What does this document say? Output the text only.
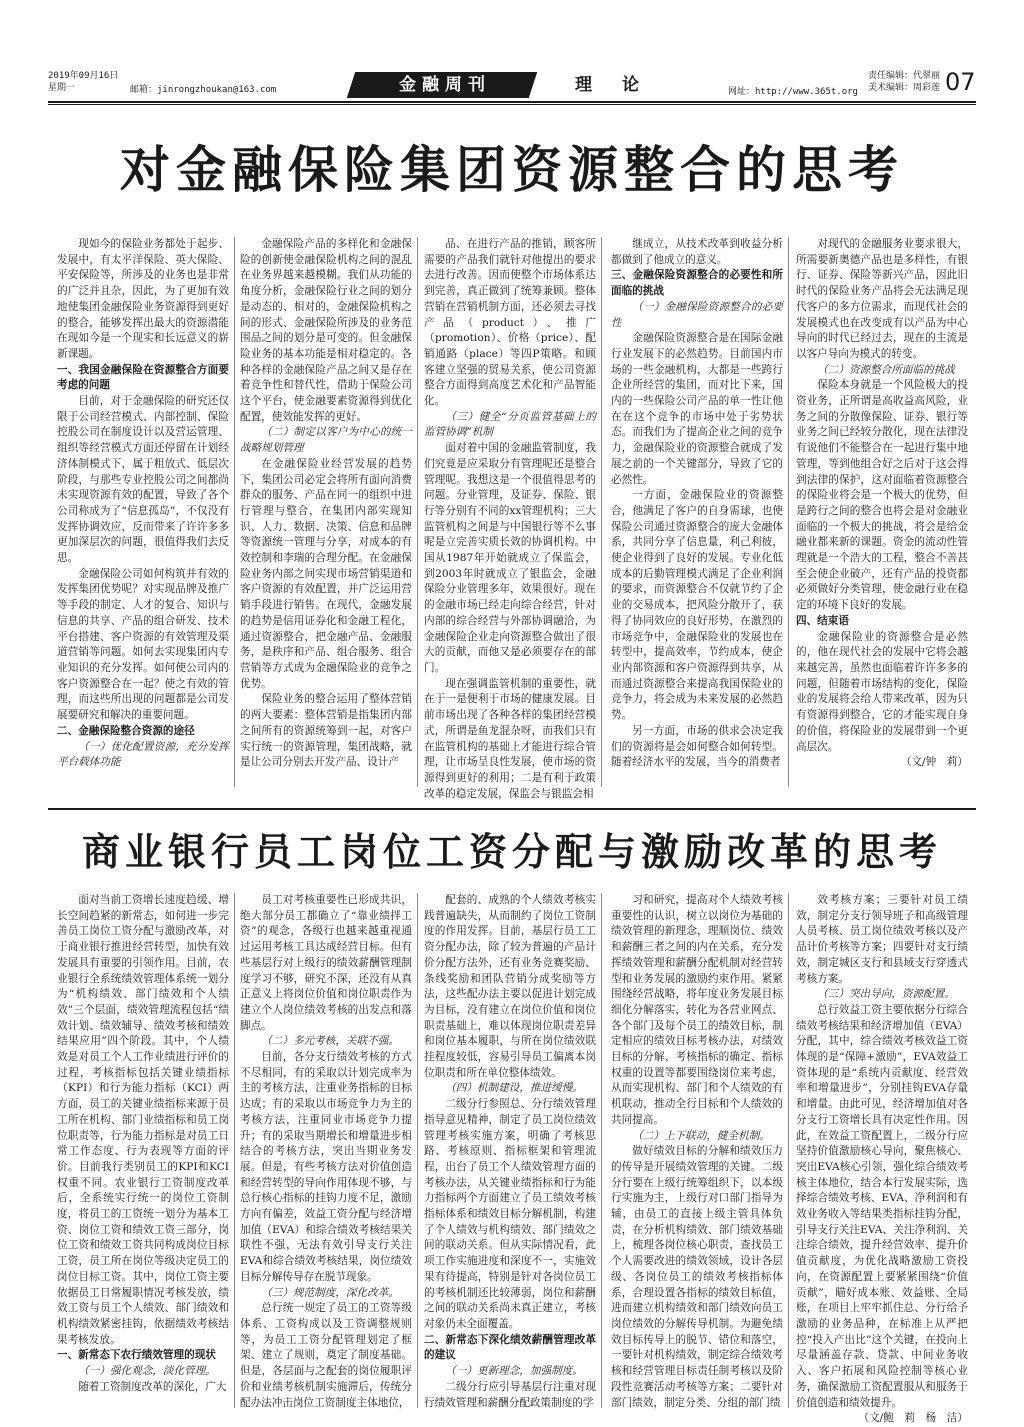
2019年09月16日
星期一	邮箱：jinrongzhoukan@163.com	金融周刊	理 论	网址：http://www.365t.org
责任编辑：代翠丽
美术编辑：周彩莲 07
对金融保险集团资源整合的思考

现如今的保险业务都处于起步、发展中，有太平洋保险、英大保险、平安保险等，所涉及的业务也是非常的广泛并且杂，因此，为了更加有效地使集团金融保险业务资源得到更好的整合，能够发挥出最大的资源潜能在现如今是一个现实和长远意义的崭新课题。

一、我国金融保险在资源整合方面要考虑的问题

目前，对于金融保险的研究还仅限于公司经营模式、内部控制、保险控股公司在制度设计以及营运管理、组织等经营模式方面还停留在计划经济体制模式下，属于粗放式、低层次阶段，与那些专业控股公司之间都尚未实现资源有效的配置，导致了各个公司称成为了“信息孤岛”，不仅没有发挥协调效应，反而带来了许许多多更加深层次的问题，很值得我们去反思。

金融保险公司如何构筑并有效的发挥集团优势呢？对实现品牌及推广等手段的制定、人才的复合、知识与信息的共享、产品的组合研发、技术平台搭建、客户资源的有效管理及渠道营销等问题。如何去实现集团内专业知识的充分发挥。如何使公司内的客户资源整合在一起？使之有效的管理，而这些所出现的问题都是公司发展要研究和解决的重要问题。

二、金融保险整合资源的途径

（一）优化配置资源，充分发挥平台载体功能

金融保险产品的多样化和金融保险的创新使金融保险机构之间的混乱在业务界越来越模糊。我们从功能的角度分析，金融保险行业之间的划分是动态的、相对的，金融保险机构之间的形式、金融保险所涉及的业务范围品之间的划分是可变的。但金融保险业务的基本功能是相对稳定的。各种各样的金融保险产品之间又是存在着竞争性和替代性，借助于保险公司这个平台，使金融要素资源得到优化配置，使效能发挥的更好。

（二）制定以客户为中心的统一战略规划管理

在金融保险业经营发展的趋势下，集团公司必定会将所有面向消费群众的服务、产品在同一的组织中进行管理与整合，在集团内部实现知识、人力、数据、决策、信息和品牌等资源统一管理与分享，对成本的有效控制和李瑞的合理分配。在金融保险业务内部之间实现市场营销渠道和客户资源的有效配置，并广泛运用营销手段进行销售。在现代，金融发展的趋势是信用证券化和金融工程化，通过资源整合，把金融产品、金融服务，是秩序和产品、组合服务、组合营销等方式成为金融保险业的竞争之优势。

保险业务的整合运用了整体营销的两大要素：整体营销是指集团内部之间所有的资源统筹到一起，对客户实行统一的资源管理，集团战略，就是让公司分别去开发产品、设计产

品、在进行产品的推销，顾客所需要的产品我们就针对他提出的要求去进行改善。因而使整个市场体系达到完善，真正做到了统筹兼顾。整体营销在营销机制方面，还必须去寻找产品（product）、推广（promotion）、价格（price）、配销通路（place）等四P策略。和顾客建立坚强的贸易关系，使公司资源整合方面得到高度艺术化和产品智能化。

（三）健全“分页监管基础上的监管协调”机制

面对着中国的金融监管制度，我们究竟是应采取分有管理呢还是整合管理呢。我想这是一个很值得思考的问题。分业管理，及证券、保险、银行等分别有不同的xx管理机构；三大监管机构之间是与中国银行等不么事呢是立完善实质长效的协调机构。中国从1987年开始就成立了保监会，到2003年时就成立了银监会，金融保险分业管理多年，效果很好。现在的金融市场已经走向综合经营，针对内部的综合经营与外部协调融洽，为金融保险企业走向资源整合做出了很大的贡献，而他又是必须要存在的部门。

现在强调监管机制的重要性，就在于一是便利于市场的健康发展。目前市场出现了各种各样的集团经营模式，所谓是鱼龙混杂呀，而我们只有在监管机构的基础上才能进行综合管理，让市场呈良性发展，使市场的资源得到更好的利用；二是有利于政策改革的稳定发展，保监会与银监会相

继成立，从技术改革到收益分析都做到了他成立的意义。

三、金融保险资源整合的必要性和所面临的挑战

（一）金融保险资源整合的必要性

金融保险资源整合是在国际金融行业发展下的必然趋势。目前国内市场的一些金融机构，大都是一些跨行企业所经营的集团，而对比下来，国内的一些保险公司产品的单一性让他在在这个竞争的市场中处于劣势状态。而我们为了提高企业之间的竞争力，金融保险业的资源整合就成了发展之前的一个关键部分，导致了它的必然性。

一方面，金融保险业的资源整合，他满足了客户的自身需球，也使保险公司通过资源整合的庞大金融体系，共同分享了信息量，利己利彼，使企业得到了良好的发展。专业化低成本的后勤管理模式满足了企业利润的要求，而资源整合不仅就节约了企业的交易成本，把风险分散开了，获得了协同效应的良好形势，在激烈的市场竞争中，金融保险业的发展也在转型中，提高效率，节约成本，使企业内部资源和客户资源得到共享，从而通过资源整合来提高我国保险业的竞争力，将会成为未来发展的必然趋势。

另一方面，市场的供求会决定我们的资源将是会如何整合如何转型。随着经济水平的发展，当今的消费者

对现代的金融服务业要求很大，所需要新奥德产品也是多样性，有银行、证券、保险等新兴产品，因此旧时代的保险业务产品将会无法满足现代客户的多方位需求，而现代社会的发展模式也在改变成有以产品为中心导向的时代已经过去，现在的主流是以客户导向为模式的转变。

（二）资源整合所面临的挑战

保险本身就是一个风险极大的投资业务，正所谓是高收益高风险，业务之间的分散像保险、证券、银行等业务之间已经较分散化，现在法律没有说他们不能整合在一起进行集中地管理，等到他组合好之后对于这会得到法律的保护，这对面临着资源整合的保险业将会是一个极大的优势，但是跨行之间的整合也将会是对金融业面临的一个极大的挑战，将会是给金融业都来新的课题。资金的流动性管理就是一个浩大的工程，整合不善甚至会使企业破产，还有产品的投资都必须做好分类管理，使金融行业在稳定的环境下良好的发展。

四、结束语

金融保险业的资源整合是必然的，他在现代社会的发展中它将会越来越完善，虽然也面临着许许多多的问题，但随着市场结构的变化，保险业的发展将会给人带来改革，因为只有资源得到整合，它的才能实现自身的价值，将保险业的发展带到一个更高层次。

（文/钟　莉）

商业银行员工岗位工资分配与激励改革的思考

面对当前工资增长速度趋缓、增长空间趋紧的新常态，如何进一步完善员工岗位工资分配与激励改革，对于商业银行推进经营转型，加快有效发展具有重要的引领作用。目前，农业银行全系统绩效管理体系统一划分为“机构绩效、部门绩效和个人绩效”三个层面，绩效管理流程包括“绩效计划、绩效辅导、绩效考核和绩效结果应用”四个阶段。其中，个人绩效是对员工个人工作业绩进行评价的过程，考核指标包括关键业绩指标（KPI）和行为能力指标（KCI）两方面，员工的关键业绩指标来源于员工所在机构、部门业绩指标和员工岗位职责等，行为能力指标是对员工日常工作态度、行为表现等方面的评价。目前我行类别员工的KPI和KCI权重不同。农业银行工资制度改革后，全系统实行统一的岗位工资制度，将员工的工资统一划分为基本工资、岗位工资和绩效工资三部分，岗位工资和绩效工资共同构成岗位目标工资，员工所在岗位等级决定员工的岗位目标工资。其中，岗位工资主要依据员工日常履职情况考核发放，绩效工资与员工个人绩效、部门绩效和机构绩效紧密挂钩，依据绩效考核结果考核发放。

一、新常态下农行绩效管理的现状

（一）强化观念，淡化管理。

随着工资制度改革的深化，广大

员工对考核重要性已形成共识，绝大部分员工都确立了“靠业绩拌工资”的观念，各级行也越来越重视通过运用考核工具达成经营目标。但有些基层行对上级行的绩效薪酬管理制度学习不够，研究不深，还没有从真正意义上将岗位价值和岗位职责作为建立个人岗位绩效考核的出发点和落脚点。

（二）多元考核，关联不强。

目前，各分支行绩效考核的方式不尽相同，有的采取以计划完成率为主的考核方法，注重业务指标的目标达成；有的采取以市场竞争力为主的考核方法，注重同业市场竞争力提升；有的采取当期增长和增量进步相结合的考核方法，突出当期业务发展。但是，有些考核方法对价值创造和经营转型的导向作用体现不够，与总行核心指标的挂钩力度不足，激励方向有偏差，效益工资分配与经济增加值（EVA）和综合绩效考核结果关联性不强，无法有效引导支行关注EVA和综合绩效考核结果，岗位绩效目标分解传导存在脱节现象。

（三）规范制度，深化改革。

总行统一规定了员工的工资等级体系、工资构成以及工资调整规则等，为员工工资分配管理划定了框架、建立了规则，奠定了制度基础。但是，各层面与之配套的岗位履职评价和业绩考核机制实施滞后，传统分配办法冲击岗位工资制度主体地位，

配套的、成熟的个人绩效考核实践普遍缺失，从而制约了岗位工资制度的作用发挥。目前，基层行员工工资分配办法，除了较为普遍的产品计价分配方法外，还有业务竞赛奖励、条线奖励和团队营销分成奖励等方法，这些配办法主要以促进计划完成为目标，没有建立在岗位价值和岗位职责基础上，难以体现岗位职责差异和岗位基本履职，与所在岗位绩效联挂程度较低，容易引导员工偏离本岗位职责和所在单位整体绩效。

（四）机制建设，推进缓慢。

二级分行参照总、分行绩效管理指导意见精神，制定了员工岗位绩效管理考核实施方案，明确了考核思路、考核原则、指标框架和管理流程，出台了员工个人绩效管理方面的考核办法，从关键业绩指标和行为能力指标两个方面建立了员工绩效考核指标体系和绩效目标分解机制，构建了个人绩效与机构绩效、部门绩效之间的联动关系。但从实际情况看，此项工作实施进度和深度不一，实施效果有待提高，特别是针对各岗位员工的考核机制还比较薄弱，岗位和薪酬之间的联动关系尚未真正建立，考核对象仍未全面覆盖。

二、新常态下深化绩效薪酬管理改革的建议

（一）更新理念，加强制度。

二级分行应引导基层行注重对现行绩效管理和薪酬分配政策制度的学

习和研究，提高对个人绩效考核重要性的认识，树立以岗位为基础的绩效管理的新理念，理顺岗位、绩效和薪酬三者之间的内在关系，充分发挥绩效管理和薪酬分配机制对经营转型和业务发展的激励约束作用。紧紧围绕经营战略，将年度业务发展目标细化分解落实，转化为各营业网点、各个部门及每个员工的绩效目标，制定相应的绩效目标考核办法，对绩效目标的分解、考核指标的确定、指标权重的设置等都要围绕岗位来考虑，从而实现机构、部门和个人绩效的有机联动，推动全行目标和个人绩效的共同提高。

（二）上下联动，健全机制。

做好绩效目标的分解和绩效压力的传导是开展绩效管理的关键。二级分行要在上级行统筹组织下，以本级行实施为主，上级行对口部门指导为辅，由员工的直接上级主管具体负责，在分析机构绩效、部门绩效基础上，梳理各岗位核心职责，查找员工个人需要改进的绩效领域，设计各层级、各岗位员工的绩效考核指标体系，合理设置各指标的绩效目标值，进而建立机构绩效和部门绩效向员工岗位绩效的分解传导机制。为避免绩效目标传导上的脱节、错位和落空，一要针对机构绩效，制定综合绩效考核和经营管理目标责任制考核以及阶段性竞赛活动考核等方案；二要针对部门绩效，制定分类、分组的部门绩

效考核方案；三要针对员工绩效，制定分支行领导班子和高级管理人员考核、员工岗位绩效考核以及产品计价考核等方案；四要针对支行绩效，制定城区支行和县域支行穿透式考核方案。

（三）突出导向，资源配置。

总行效益工资主要依据分行综合绩效考核结果和经济增加值（EVA）分配，其中，综合绩效考核效益工资体现的是“保障+激励”，EVA效益工资体现的是“系统内贡献度、经营效率和增量进步”，分别挂钩EVA存量和增量。由此可见，经济增加值对各分支行工资增长具有决定性作用。因此，在效益工资配置上，二级分行应坚持价值激励核心导向，聚焦核心、突出EVA核心引领，强化综合绩效考核主体地位，结合本行发展实际，选择综合绩效考核、EVA、净利润和有效业务收入等结果类指标挂钩分配，引导支行关注EVA、关注净利润、关注综合绩效，提升经营效率、提升价值贡献度，为优化战略激励工资投向，在资源配置上要紧紧围绕“价值贡献”，瞄好成本账、效益账、全局账，在项目上牢牢抓住总、分行给予激励的业务品种，在标准上从严把控“投入产出比”这个关键，在投向上尽量涵盖存款、贷款、中间业务收入、客户拓展和风险控制等核心业务，确保激励工资配置服从和服务于价值创造和绩效提升。

（文/鲍　莉　杨　洁）
